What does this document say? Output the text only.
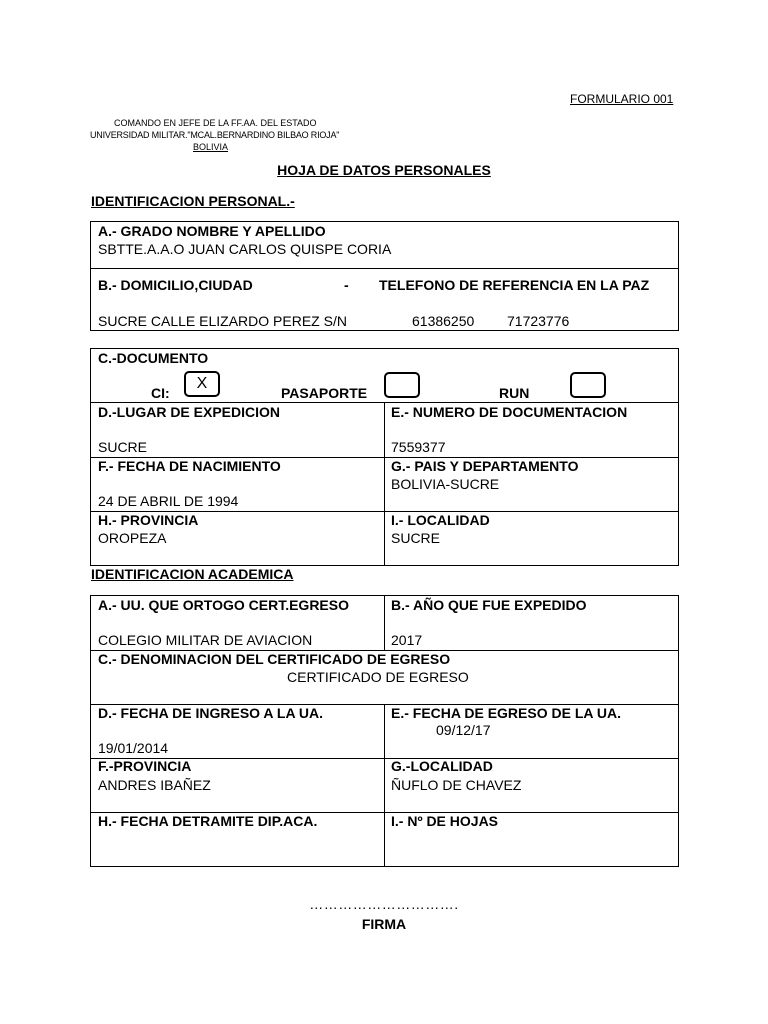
FORMULARIO 001
COMANDO EN JEFE DE LA FF.AA. DEL ESTADO
UNIVERSIDAD MILITAR."MCAL.BERNARDINO BILBAO RIOJA"
BOLIVIA
HOJA DE DATOS PERSONALES
IDENTIFICACION PERSONAL.-
A.- GRADO NOMBRE Y APELLIDO
SBTTE.A.A.O JUAN CARLOS QUISPE CORIA
B.- DOMICILIO,CIUDAD	- TELEFONO DE REFERENCIA EN LA PAZ
SUCRE CALLE ELIZARDO PEREZ S/N	61386250 71723776
C.-DOCUMENTO
CI:
X
PASAPORTE	RUN
D.-LUGAR DE EXPEDICION
SUCRE
E.- NUMERO DE DOCUMENTACION
7559377
F.- FECHA DE NACIMIENTO
24 DE ABRIL DE 1994
G.- PAIS Y DEPARTAMENTO
BOLIVIA-SUCRE
H.- PROVINCIA
OROPEZA
I.- LOCALIDAD
SUCRE
IDENTIFICACION ACADEMICA
A.- UU. QUE ORTOGO CERT.EGRESO
COLEGIO MILITAR DE AVIACION
B.- AÑO QUE FUE EXPEDIDO
2017
C.- DENOMINACION DEL CERTIFICADO DE EGRESO
CERTIFICADO DE EGRESO
D.- FECHA DE INGRESO A LA UA.
19/01/2014
E.- FECHA DE EGRESO DE LA UA.
09/12/17
F.-PROVINCIA
ANDRES IBAÑEZ
G.-LOCALIDAD
ÑUFLO DE CHAVEZ
H.- FECHA DETRAMITE DIP.ACA.	I.- Nº DE HOJAS
………………………….
FIRMA
